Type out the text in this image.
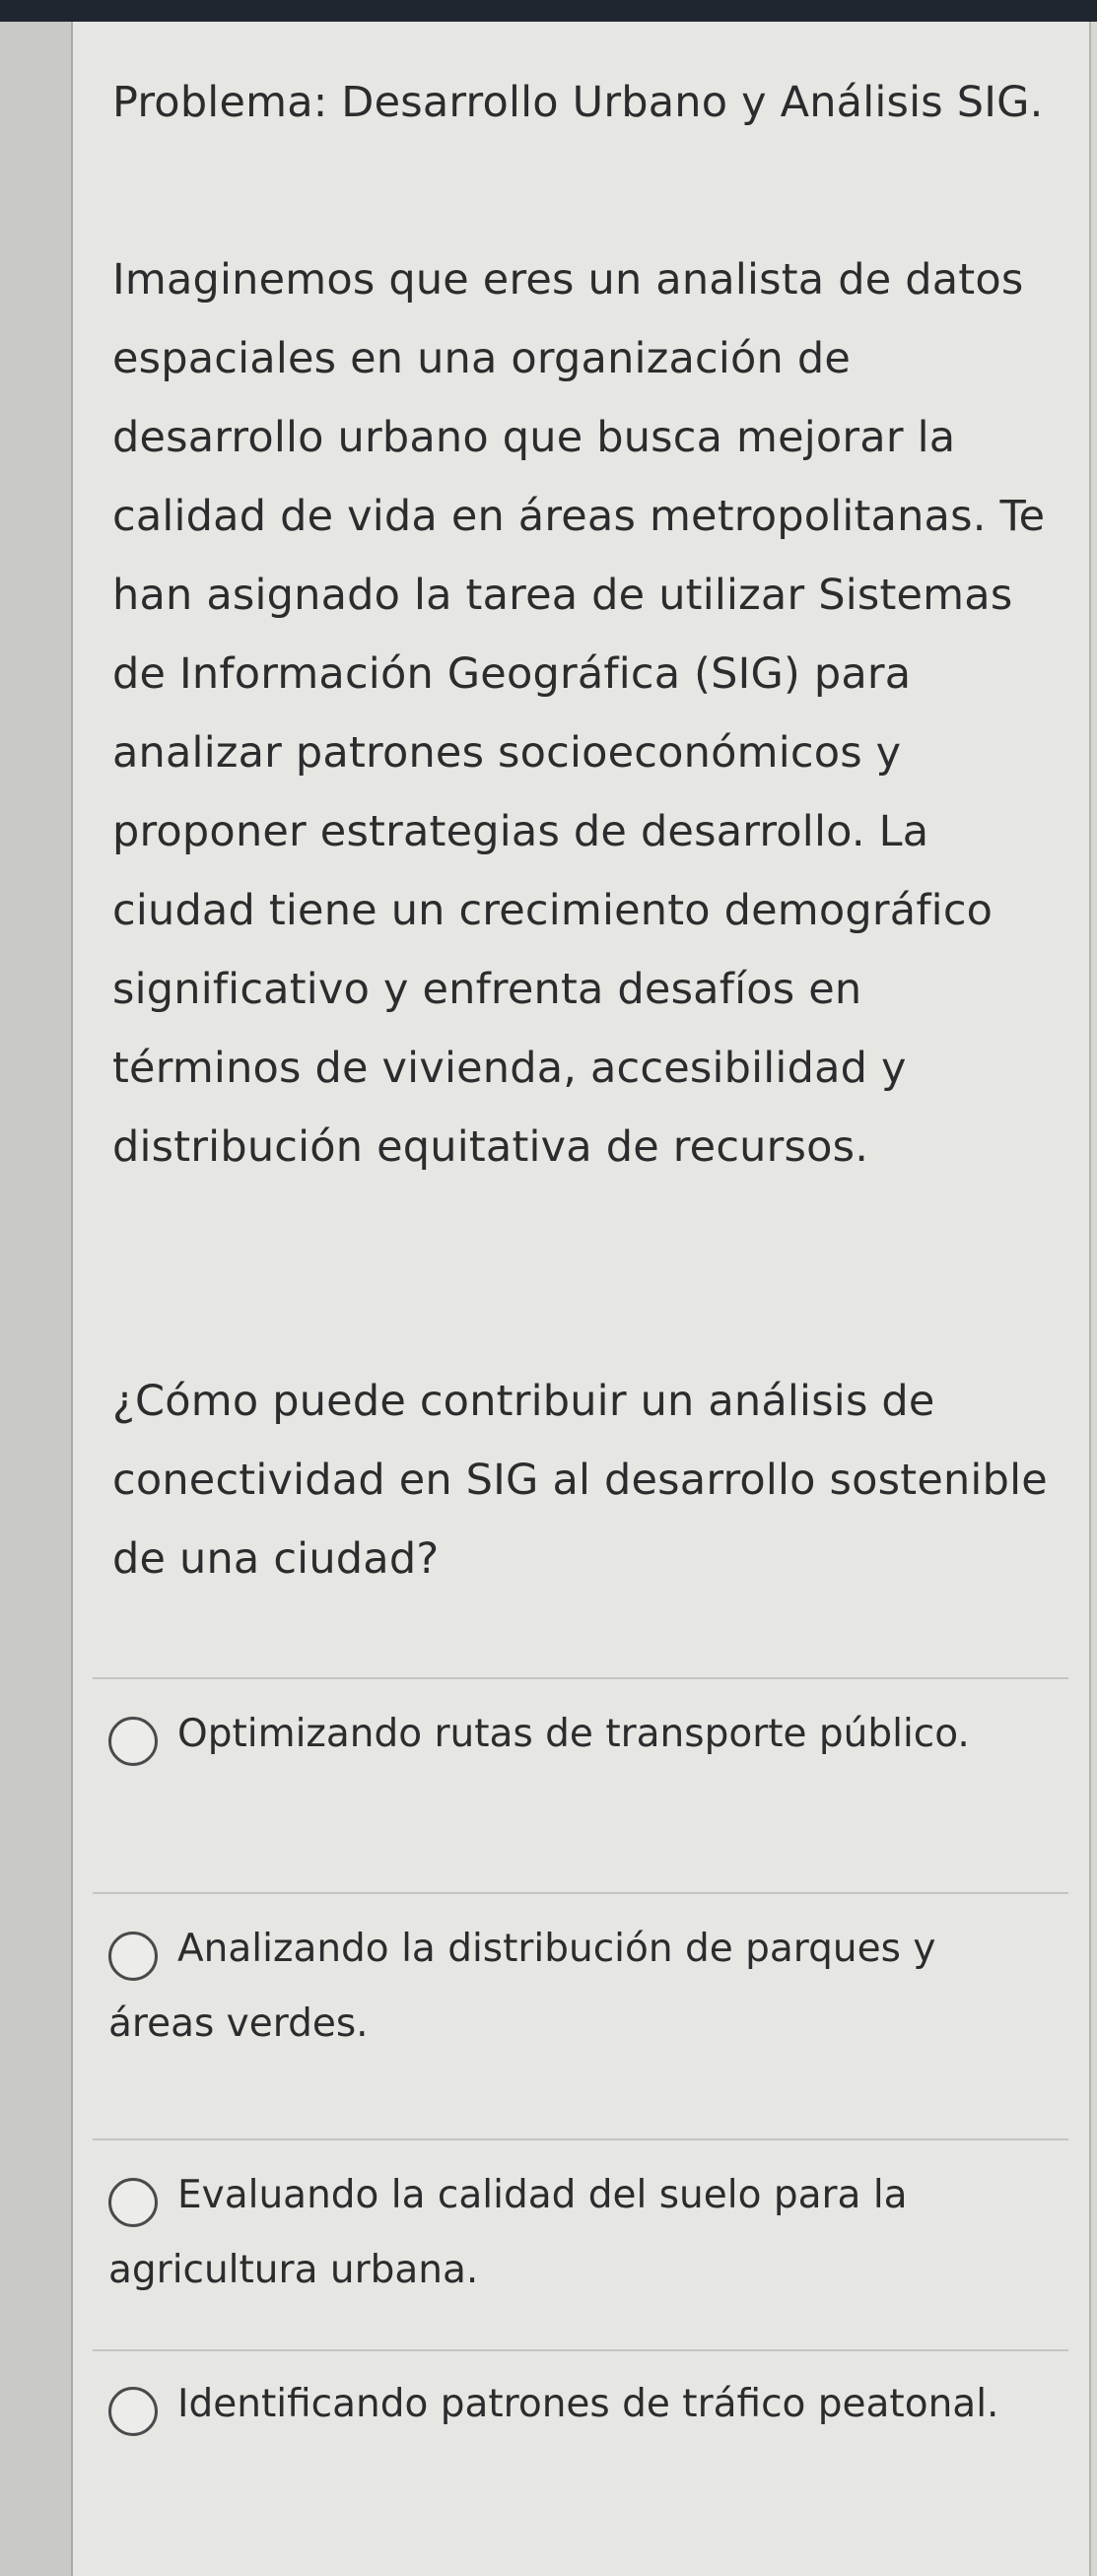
Problema: Desarrollo Urbano y Análisis SIG.
Imaginemos que eres un analista de datos espaciales en una organización de desarrollo urbano que busca mejorar la calidad de vida en áreas metropolitanas. Te han asignado la tarea de utilizar Sistemas de Información Geográfica (SIG) para analizar patrones socioeconómicos y proponer estrategias de desarrollo. La ciudad tiene un crecimiento demográfico significativo y enfrenta desafíos en términos de vivienda, accesibilidad y distribución equitativa de recursos.
¿Cómo puede contribuir un análisis de conectividad en SIG al desarrollo sostenible de una ciudad?
Optimizando rutas de transporte público.
Analizando la distribución de parques y áreas verdes.
Evaluando la calidad del suelo para la agricultura urbana.
Identificando patrones de tráfico peatonal.
